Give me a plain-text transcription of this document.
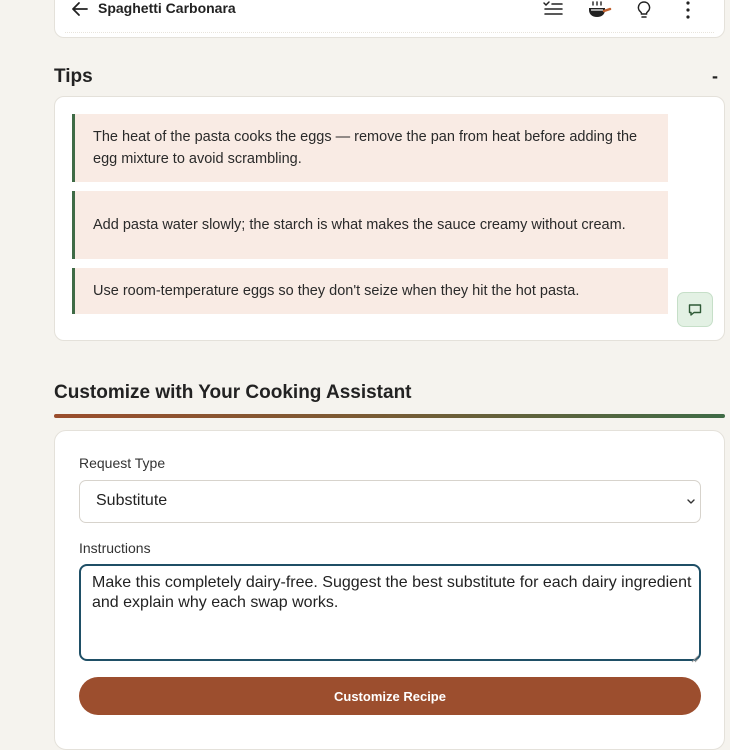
Spaghetti Carbonara
Tips	-
The heat of the pasta cooks the eggs — remove the pan from heat before adding the egg mixture to avoid scrambling.
Add pasta water slowly; the starch is what makes the sauce creamy without cream.
Use room-temperature eggs so they don't seize when they hit the hot pasta.
Customize with Your Cooking Assistant
Request Type
Substitute
Instructions
Make this completely dairy-free. Suggest the best substitute for each dairy ingredient and explain why each swap works.
Customize Recipe
